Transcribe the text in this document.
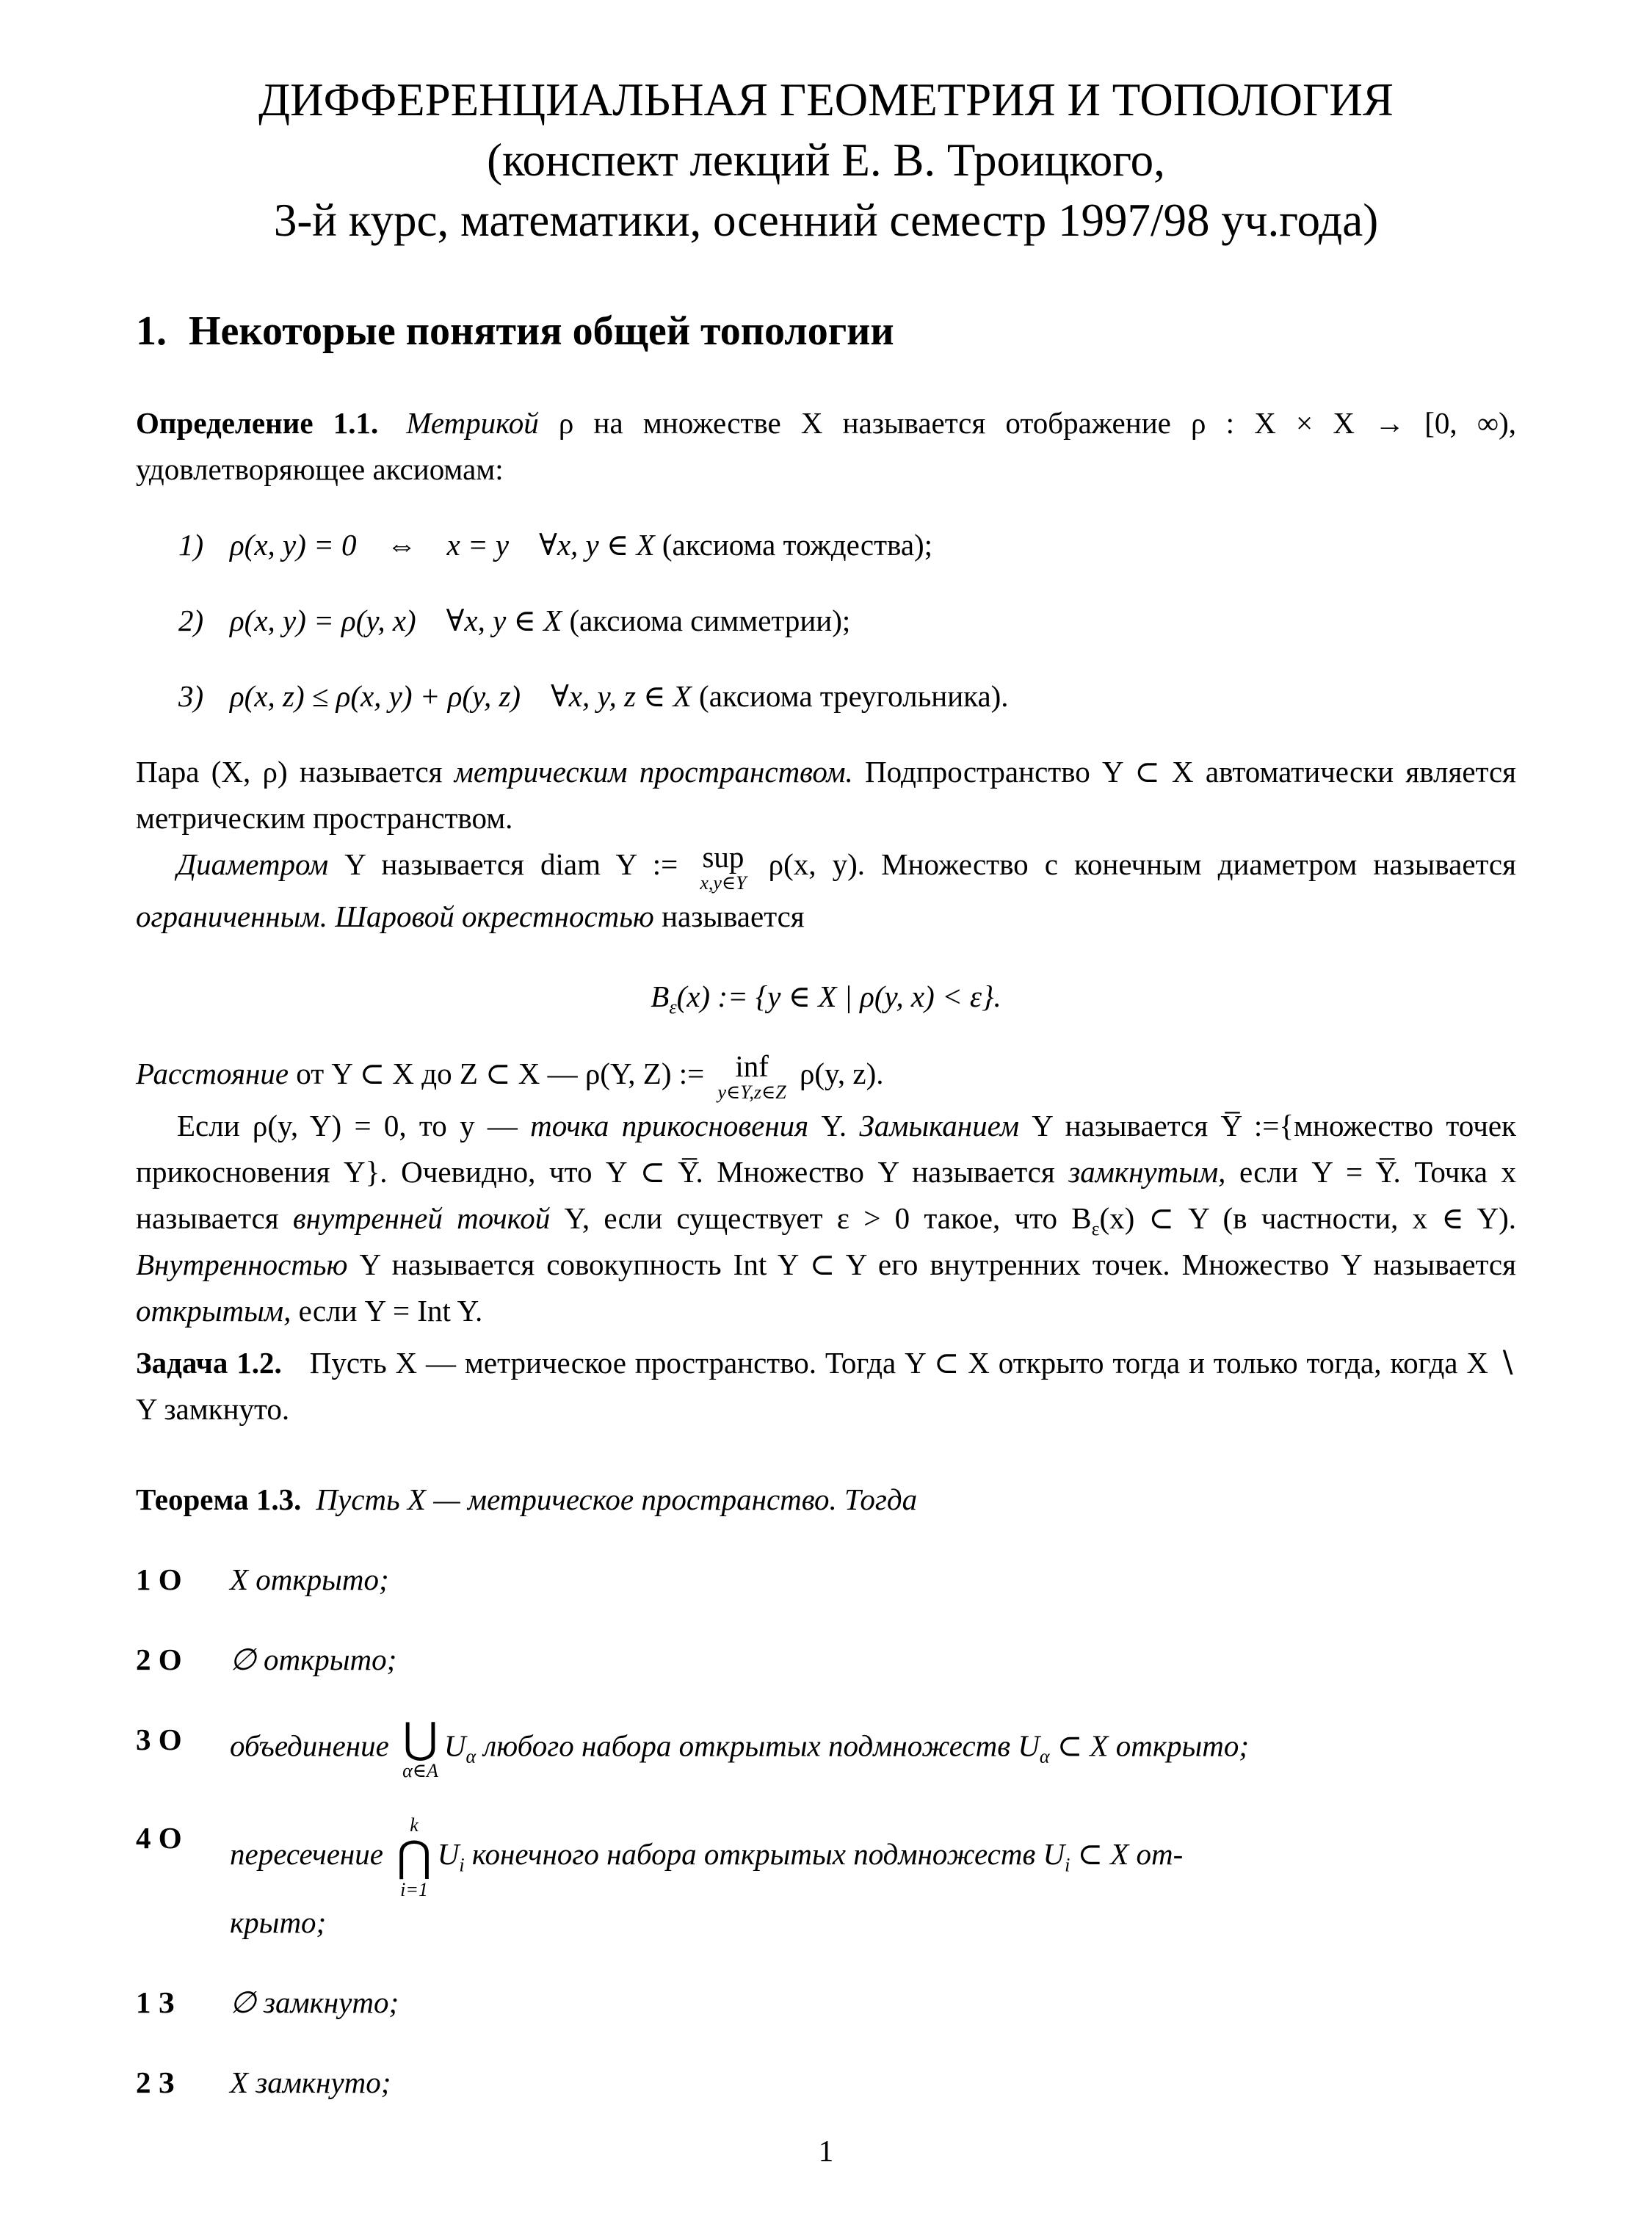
ДИФФЕРЕНЦИАЛЬНАЯ ГЕОМЕТРИЯ И ТОПОЛОГИЯ
(конспект лекций Е. В. Троицкого,
3-й курс, математики, осенний семестр 1997/98 уч.года)
1. Некоторые понятия общей топологии

Определение 1.1. Метрикой ρ на множестве X называется отображение ρ : X × X → [0, ∞), удовлетворяющее аксиомам:

1) ρ(x, y) = 0 ⇔ x = y ∀x, y ∈ X (аксиома тождества);
2) ρ(x, y) = ρ(y, x) ∀x, y ∈ X (аксиома симметрии);
3) ρ(x, z) ≤ ρ(x, y) + ρ(y, z) ∀x, y, z ∈ X (аксиома треугольника).

Пара (X, ρ) называется метрическим пространством. Подпространство Y ⊂ X автоматически является метрическим пространством.

Диаметром Y называется diam Y := sup
x,y∈Y
ρ(x, y). Множество с конечным диаметром называется ограниченным. Шаровой окрестностью называется

$B_\varepsilon(x)$ := {y ∈ X | ρ(y, x) < ε}.

Расстояние от Y ⊂ X до Z ⊂ X — ρ(Y, Z) := inf
y∈Y,z∈Z
ρ(y, z).

Если ρ(y, Y) = 0, то y — точка прикосновения Y. Замыканием Y называется Y̅ :={множество точек прикосновения Y}. Очевидно, что Y ⊂ Y̅. Множество Y называется замкнутым, если Y = Y̅. Точка x называется внутренней точкой Y, если существует ε > 0 такое, что $B_\varepsilon(x)$ ⊂ Y (в частности, x ∈ Y). Внутренностью Y называется совокупность Int Y ⊂ Y его внутренних точек. Множество Y называется открытым, если Y = Int Y.

Задача 1.2. Пусть X — метрическое пространство. Тогда Y ⊂ X открыто тогда и только тогда, когда X ∖ Y замкнуто.

Теорема 1.3. Пусть X — метрическое пространство. Тогда

1 О	X открыто;
2 О	∅ открыто;
3 О	объединение ⋃
α∈A
$U_\alpha$ любого набора открытых подмножеств $U_\alpha$ ⊂ X открыто;
4 О	пересечение
k
⋂
i=1
$U_i$ конечного набора открытых подмножеств $U_i$ ⊂ X от-
крыто;
1 З	∅ замкнуто;
2 З	X замкнуто;
1
